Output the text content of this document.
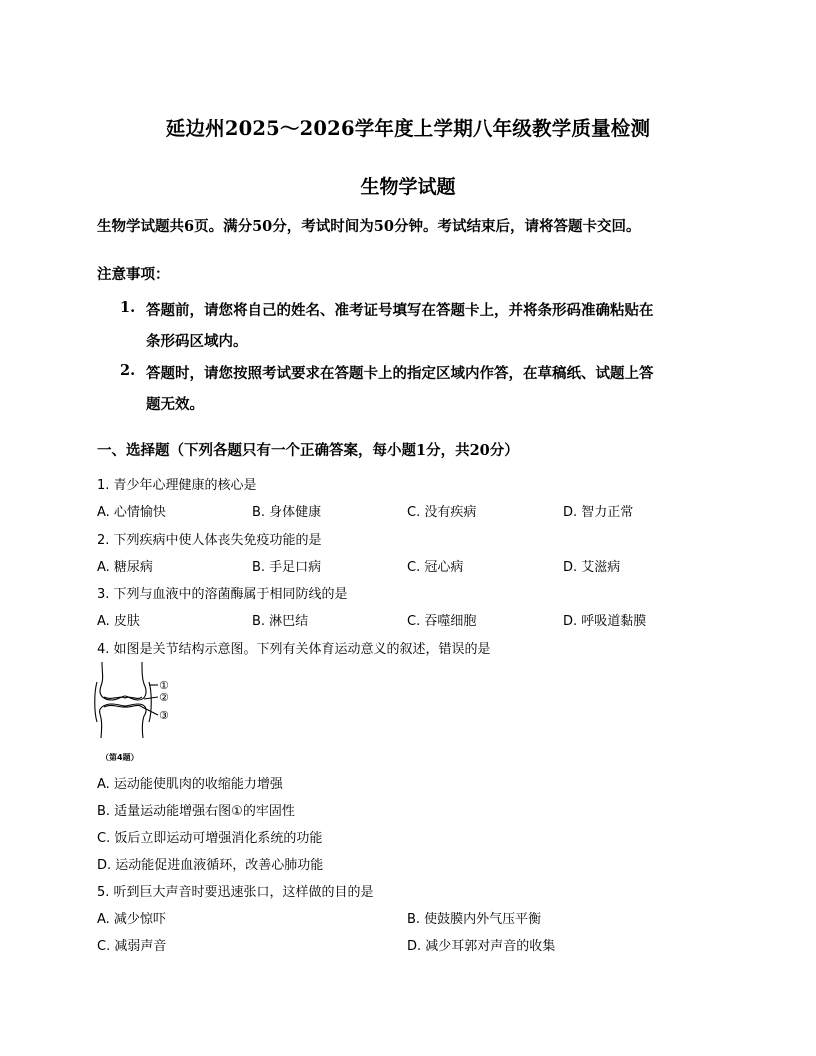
延边州2025～2026学年度上学期八年级教学质量检测
生物学试题
生物学试题共6页。满分50分，考试时间为50分钟。考试结束后，请将答题卡交回。
注意事项：
1. 答题前，请您将自己的姓名、准考证号填写在答题卡上，并将条形码准确粘贴在
条形码区域内。
2. 答题时，请您按照考试要求在答题卡上的指定区域内作答，在草稿纸、试题上答
题无效。
一、选择题（下列各题只有一个正确答案，每小题1分，共20分）
1. 青少年心理健康的核心是
A. 心情愉快	B. 身体健康	C. 没有疾病	D. 智力正常
2. 下列疾病中使人体丧失免疫功能的是
A. 糖尿病	B. 手足口病	C. 冠心病	D. 艾滋病
3. 下列与血液中的溶菌酶属于相同防线的是
A. 皮肤	B. 淋巴结	C. 吞噬细胞	D. 呼吸道黏膜
4. 如图是关节结构示意图。下列有关体育运动意义的叙述，错误的是
①
②
③
（第4题）
A. 运动能使肌肉的收缩能力增强
B. 适量运动能增强右图①的牢固性
C. 饭后立即运动可增强消化系统的功能
D. 运动能促进血液循环，改善心肺功能
5. 听到巨大声音时要迅速张口，这样做的目的是
A. 减少惊吓	B. 使鼓膜内外气压平衡
C. 减弱声音	D. 减少耳郭对声音的收集
